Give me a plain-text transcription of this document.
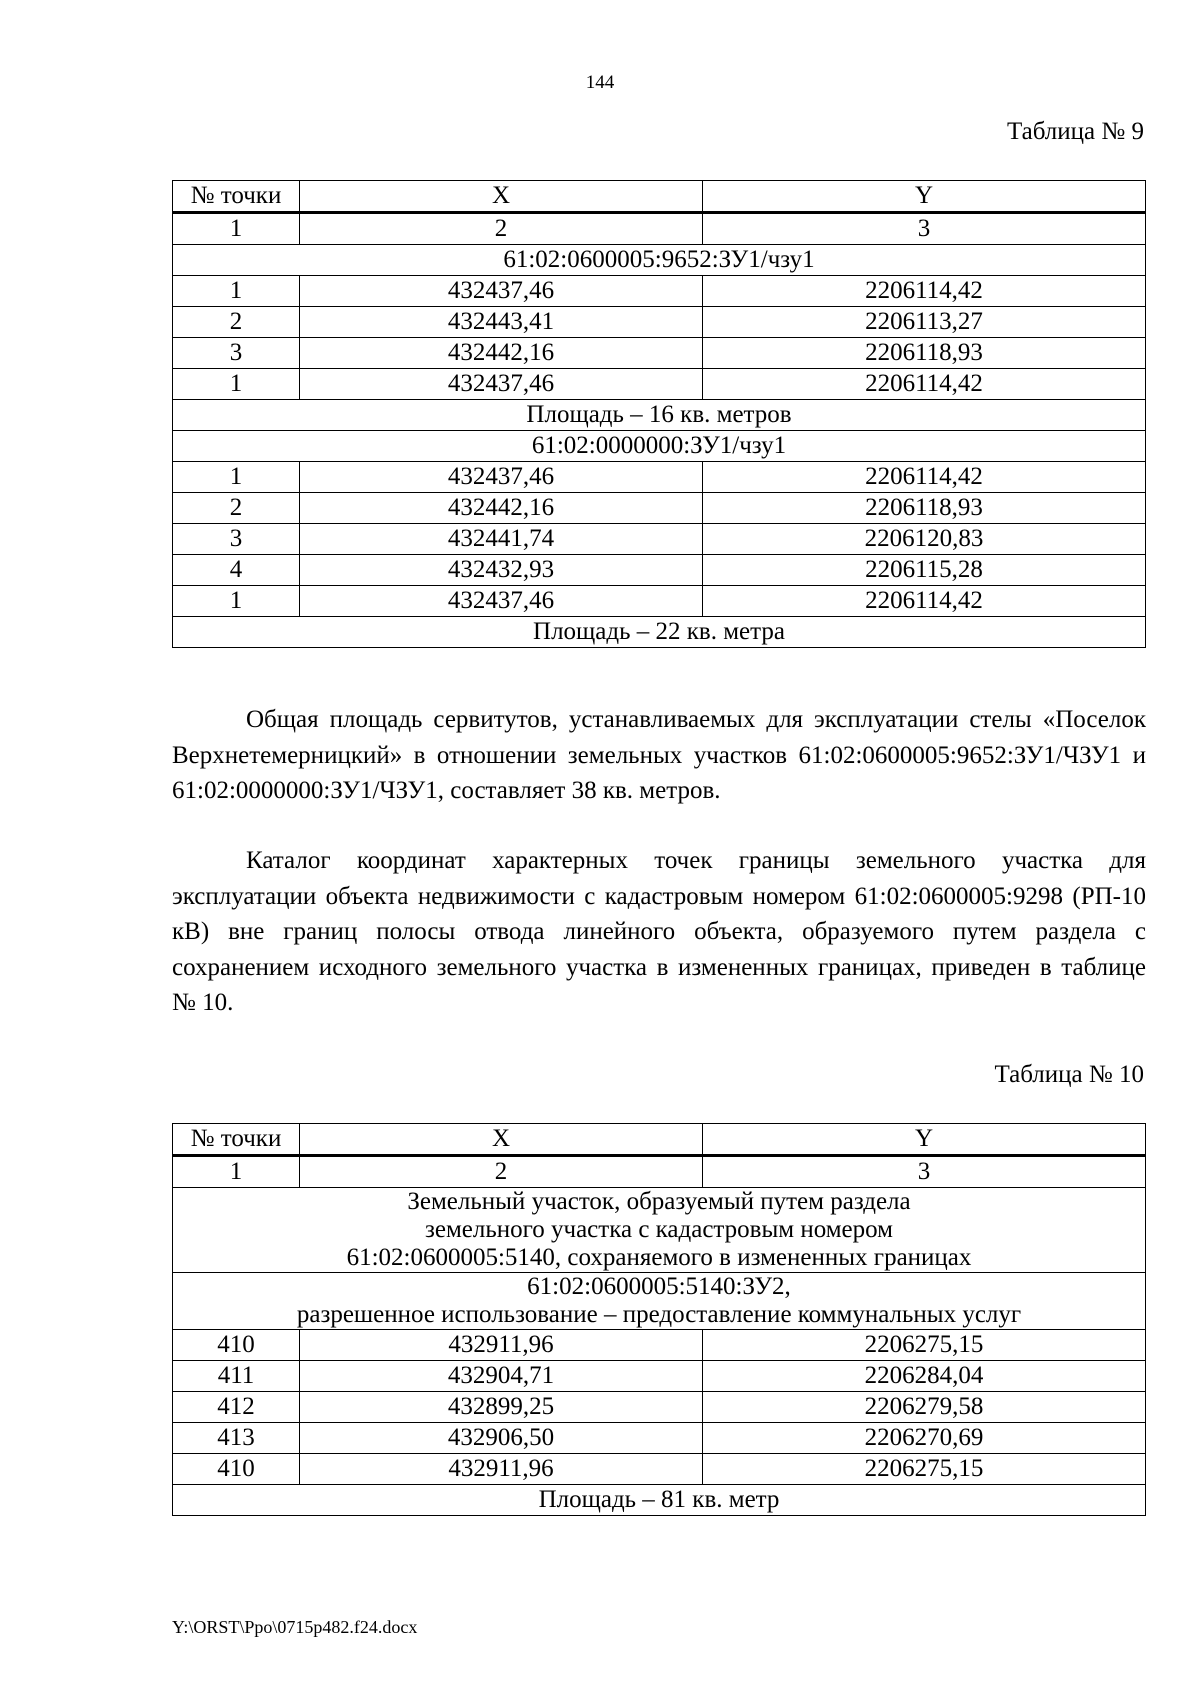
144
Таблица № 9
№ точки	X	Y
1	2	3
61:02:0600005:9652:ЗУ1/чзу1		
1	432437,46	2206114,42
2	432443,41	2206113,27
3	432442,16	2206118,93
1	432437,46	2206114,42
Площадь – 16 кв. метров		
61:02:0000000:ЗУ1/чзу1		
1	432437,46	2206114,42
2	432442,16	2206118,93
3	432441,74	2206120,83
4	432432,93	2206115,28
1	432437,46	2206114,42
Площадь – 22 кв. метра		

Общая площадь сервитутов, устанавливаемых для эксплуатации стелы «Поселок Верхнетемерницкий» в отношении земельных участков 61:02:0600005:9652:ЗУ1/ЧЗУ1 и 61:02:0000000:ЗУ1/ЧЗУ1, составляет 38 кв. метров.

Каталог координат характерных точек границы земельного участка для эксплуатации объекта недвижимости с кадастровым номером 61:02:0600005:9298 (РП-10 кВ) вне границ полосы отвода линейного объекта, образуемого путем раздела с сохранением исходного земельного участка в измененных границах, приведен в таблице № 10.

Таблица № 10
№ точки	X	Y
1	2	3

Земельный участок, образуемый путем раздела
земельного участка с кадастровым номером
61:02:0600005:5140, сохраняемого в измененных границах		

61:02:0600005:5140:ЗУ2,
разрешенное использование – предоставление коммунальных услуг		

410	432911,96	2206275,15
411	432904,71	2206284,04
412	432899,25	2206279,58
413	432906,50	2206270,69
410	432911,96	2206275,15
Площадь – 81 кв. метр		
Y:\ORST\Ppo\0715p482.f24.docx
